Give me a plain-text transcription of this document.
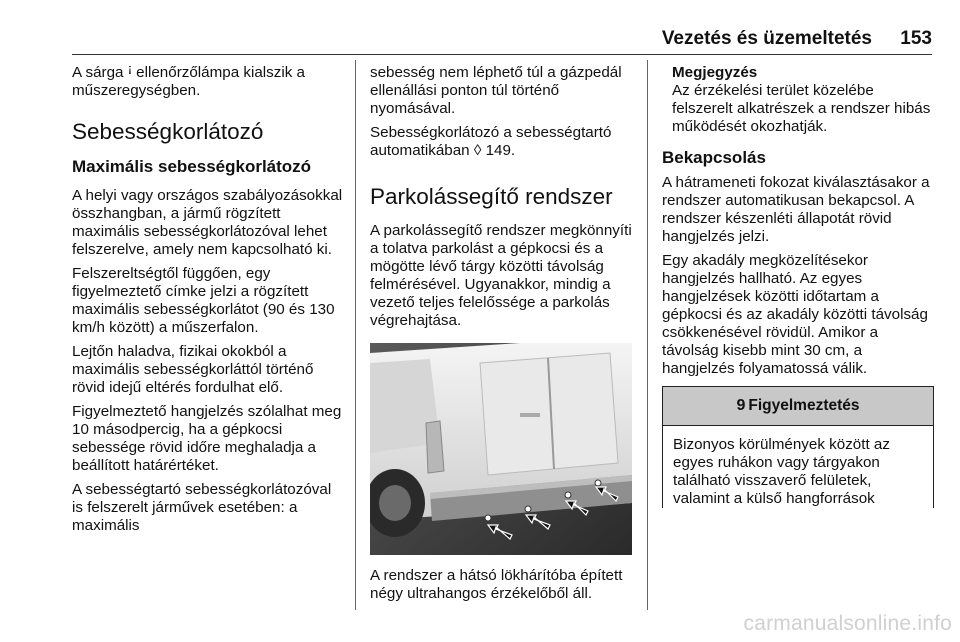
Vezetés és üzemeltetés 153

A sárga ꜟ ellenőrzőlámpa kialszik a műszeregységben.

Sebességkorlátozó
Maximális sebességkorlátozó

A helyi vagy országos szabályozásokkal összhangban, a jármű rögzített maximális sebességkorlátozóval lehet felszerelve, amely nem kapcsolható ki.

Felszereltségtől függően, egy figyelmeztető címke jelzi a rögzített maximális sebességkorlátot (90 és 130 km/h között) a műszerfalon.

Lejtőn haladva, fizikai okokból a maximális sebességkorláttól történő rövid idejű eltérés fordulhat elő.

Figyelmeztető hangjelzés szólalhat meg 10 másodpercig, ha a gépkocsi sebessége rövid időre meghaladja a beállított határértéket.

A sebességtartó sebességkorlátozóval is felszerelt járművek esetében: a maximális

sebesség nem léphető túl a gázpedál ellenállási ponton túl történő nyomásával.

Sebességkorlátozó a sebességtartó automatikában ◊ 149.

Parkolássegítő rendszer

A parkolássegítő rendszer megkönnyíti a tolatva parkolást a gépkocsi és a mögötte lévő tárgy közötti távolság felmérésével. Ugyanakkor, mindig a vezető teljes felelőssége a parkolás végrehajtása.

A rendszer a hátsó lökhárítóba épített négy ultrahangos érzékelőből áll.

Megjegyzés

Az érzékelési terület közelébe felszerelt alkatrészek a rendszer hibás működését okozhatják.

Bekapcsolás

A hátrameneti fokozat kiválasztásakor a rendszer automatikusan bekapcsol. A rendszer készenléti állapotát rövid hangjelzés jelzi.

Egy akadály megközelítésekor hangjelzés hallható. Az egyes hangjelzések közötti időtartam a gépkocsi és az akadály közötti távolság csökkenésével rövidül. Amikor a távolság kisebb mint 30 cm, a hangjelzés folyamatossá válik.

9 Figyelmeztetés
Bizonyos körülmények között az egyes ruhákon vagy tárgyakon található visszaverő felületek, valamint a külső hangforrások
carmanualsonline.info
